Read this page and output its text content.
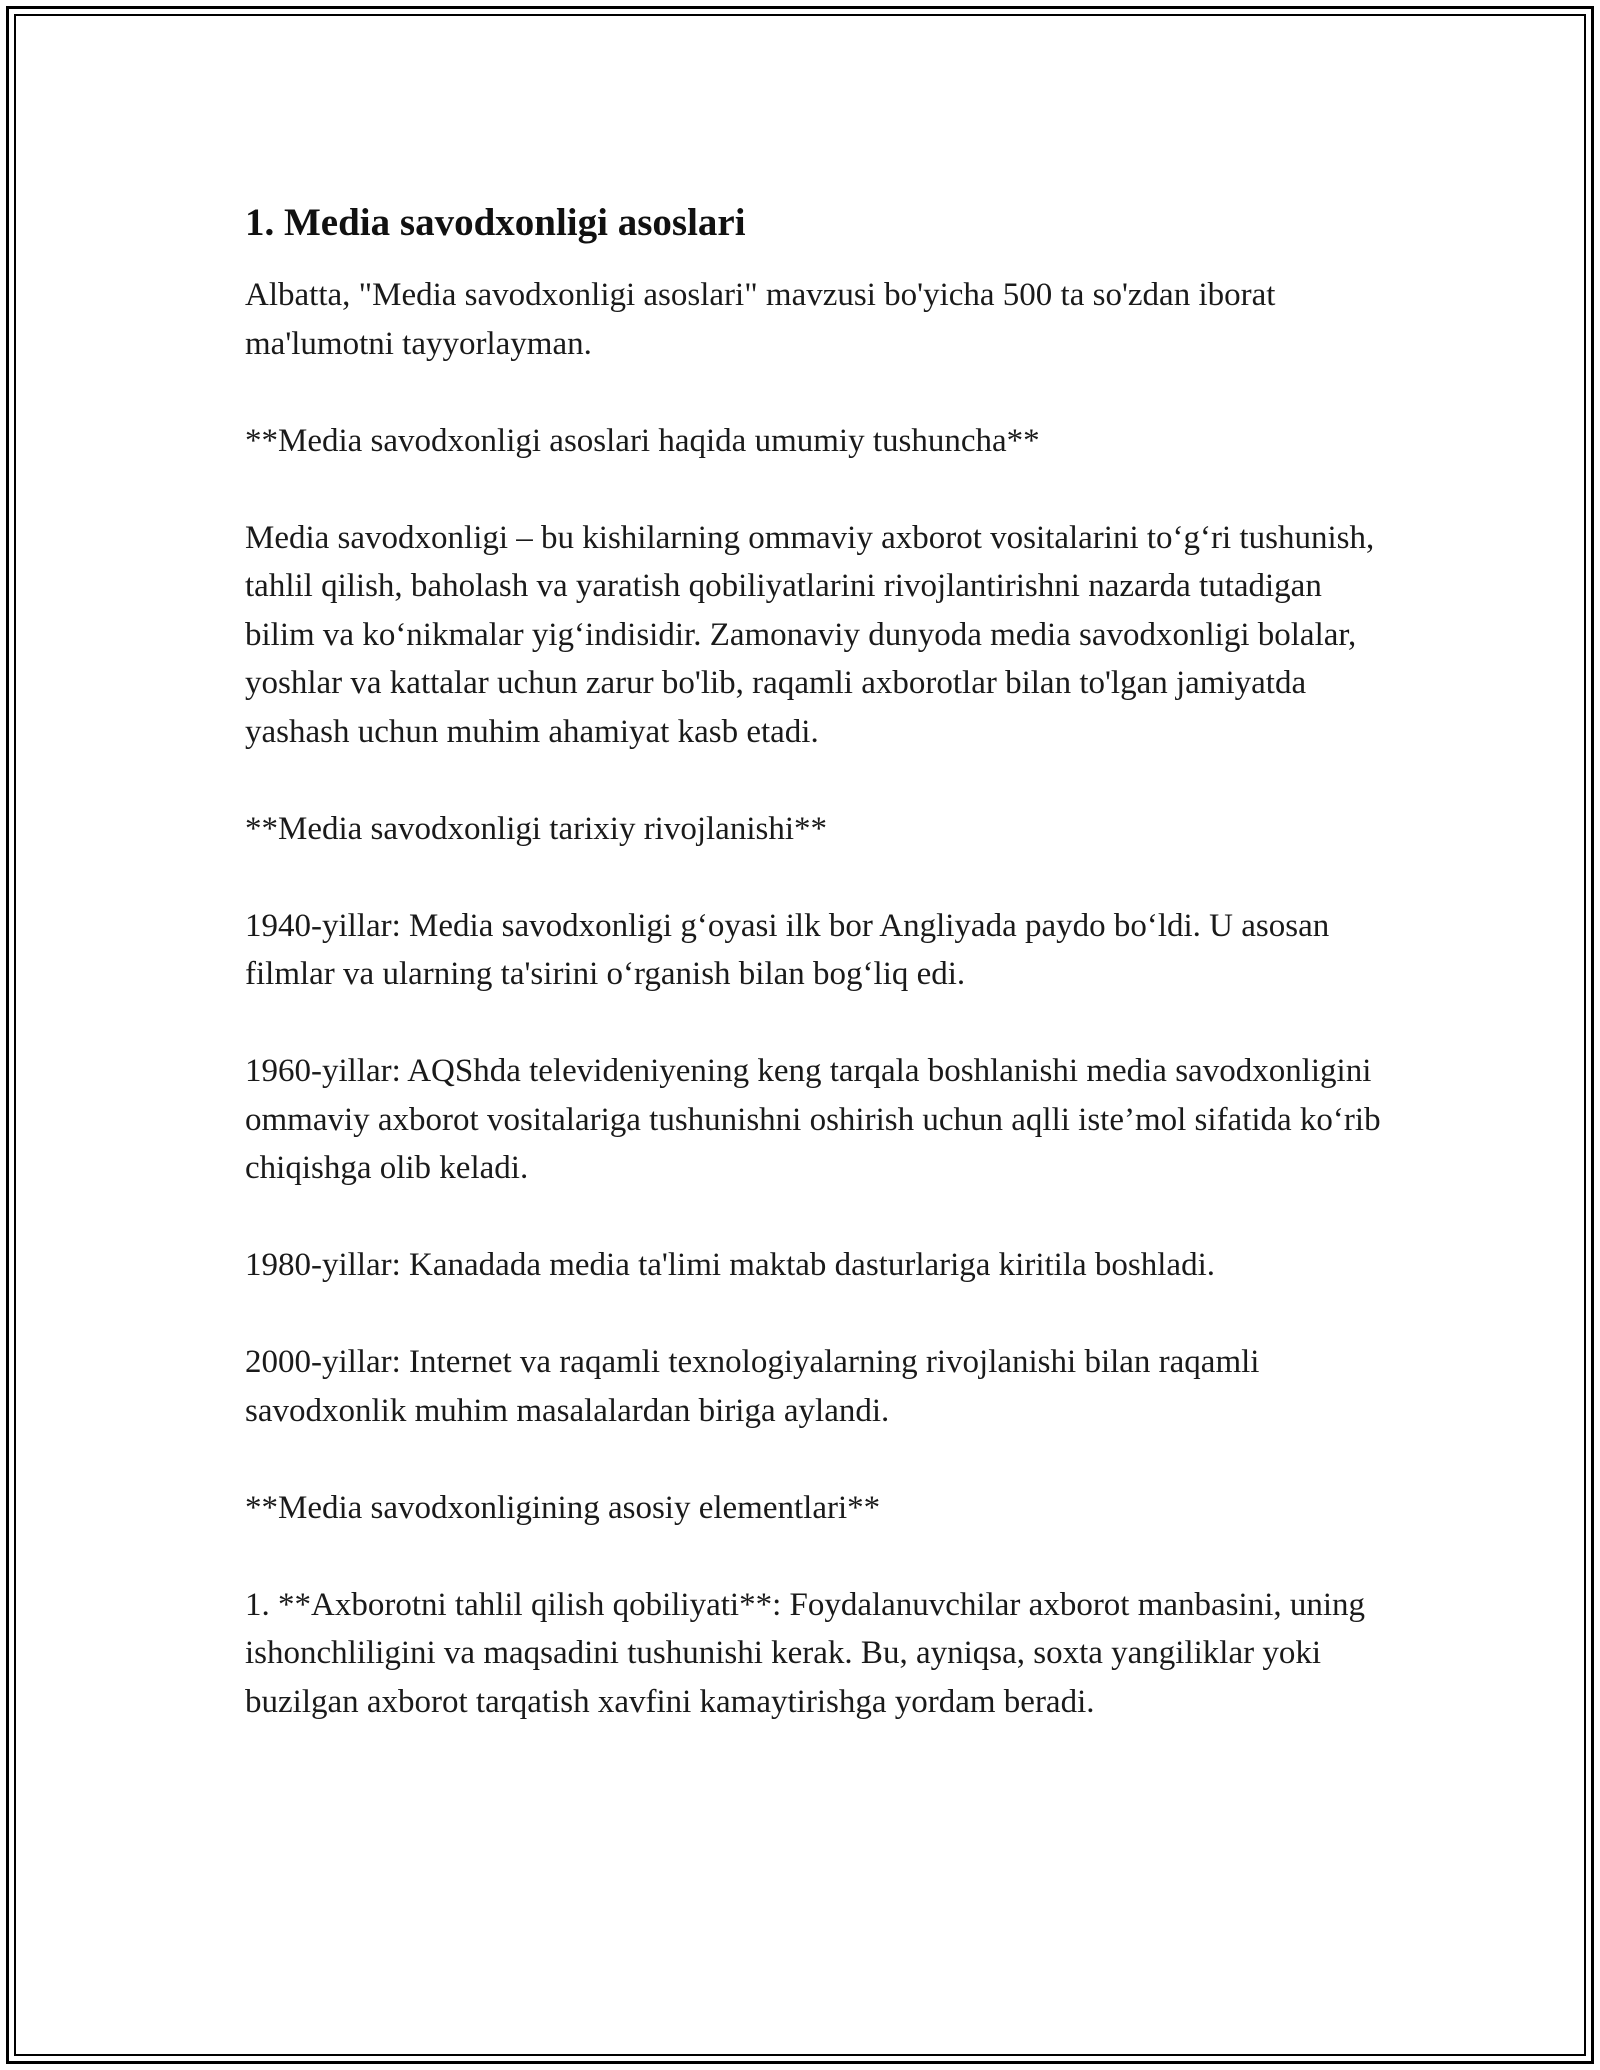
1. Media savodxonligi asoslari

Albatta, "Media savodxonligi asoslari" mavzusi bo'yicha 500 ta so'zdan iborat ma'lumotni tayyorlayman.

**Media savodxonligi asoslari haqida umumiy tushuncha**

Media savodxonligi – bu kishilarning ommaviy axborot vositalarini to‘g‘ri tushunish, tahlil qilish, baholash va yaratish qobiliyatlarini rivojlantirishni nazarda tutadigan bilim va ko‘nikmalar yig‘indisidir. Zamonaviy dunyoda media savodxonligi bolalar, yoshlar va kattalar uchun zarur bo'lib, raqamli axborotlar bilan to'lgan jamiyatda yashash uchun muhim ahamiyat kasb etadi.

**Media savodxonligi tarixiy rivojlanishi**

1940-yillar: Media savodxonligi g‘oyasi ilk bor Angliyada paydo bo‘ldi. U asosan filmlar va ularning ta'sirini o‘rganish bilan bog‘liq edi.

1960-yillar: AQShda televideniyening keng tarqala boshlanishi media savodxonligini ommaviy axborot vositalariga tushunishni oshirish uchun aqlli iste’mol sifatida ko‘rib chiqishga olib keladi.

1980-yillar: Kanadada media ta'limi maktab dasturlariga kiritila boshladi.

2000-yillar: Internet va raqamli texnologiyalarning rivojlanishi bilan raqamli savodxonlik muhim masalalardan biriga aylandi.

**Media savodxonligining asosiy elementlari**

1. **Axborotni tahlil qilish qobiliyati**: Foydalanuvchilar axborot manbasini, uning ishonchliligini va maqsadini tushunishi kerak. Bu, ayniqsa, soxta yangiliklar yoki buzilgan axborot tarqatish xavfini kamaytirishga yordam beradi.
